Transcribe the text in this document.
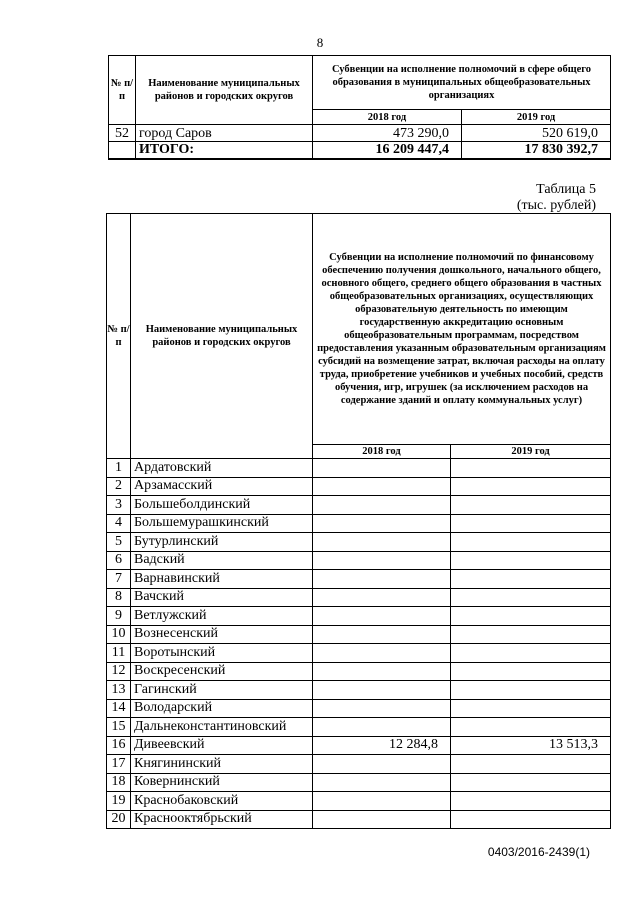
8
№ п/п	Наименование муниципальных районов и городских округов	Субвенции на исполнение полномочий в сфере общего образования в муниципальных общеобразовательных организациях	
		2018 год	2019 год
52	город Саров	473 290,0	520 619,0
	ИТОГО:	16 209 447,4	17 830 392,7
Таблица 5
(тыс. рублей)
№ п/п	Наименование муниципальных районов и городских округов	Субвенции на исполнение полномочий по финансовому обеспечению получения дошкольного, начального общего, основного общего, среднего общего образования в частных общеобразовательных организациях, осуществляющих образовательную деятельность по имеющим государственную аккредитацию основным общеобразовательным программам, посредством предоставления указанным образовательным организациям субсидий на возмещение затрат, включая расходы на оплату труда, приобретение учебников и учебных пособий, средств обучения, игр, игрушек (за исключением расходов на содержание зданий и оплату коммунальных услуг)	
		2018 год	2019 год
1	Ардатовский		
2	Арзамасский		
3	Большеболдинский		
4	Большемурашкинский		
5	Бутурлинский		
6	Вадский		
7	Варнавинский		
8	Вачский		
9	Ветлужский		
10	Вознесенский		
11	Воротынский		
12	Воскресенский		
13	Гагинский		
14	Володарский		
15	Дальнеконстантиновский		
16	Дивеевский	12 284,8	13 513,3
17	Княгининский		
18	Ковернинский		
19	Краснобаковский		
20	Краснооктябрьский		
0403/2016-2439(1)
